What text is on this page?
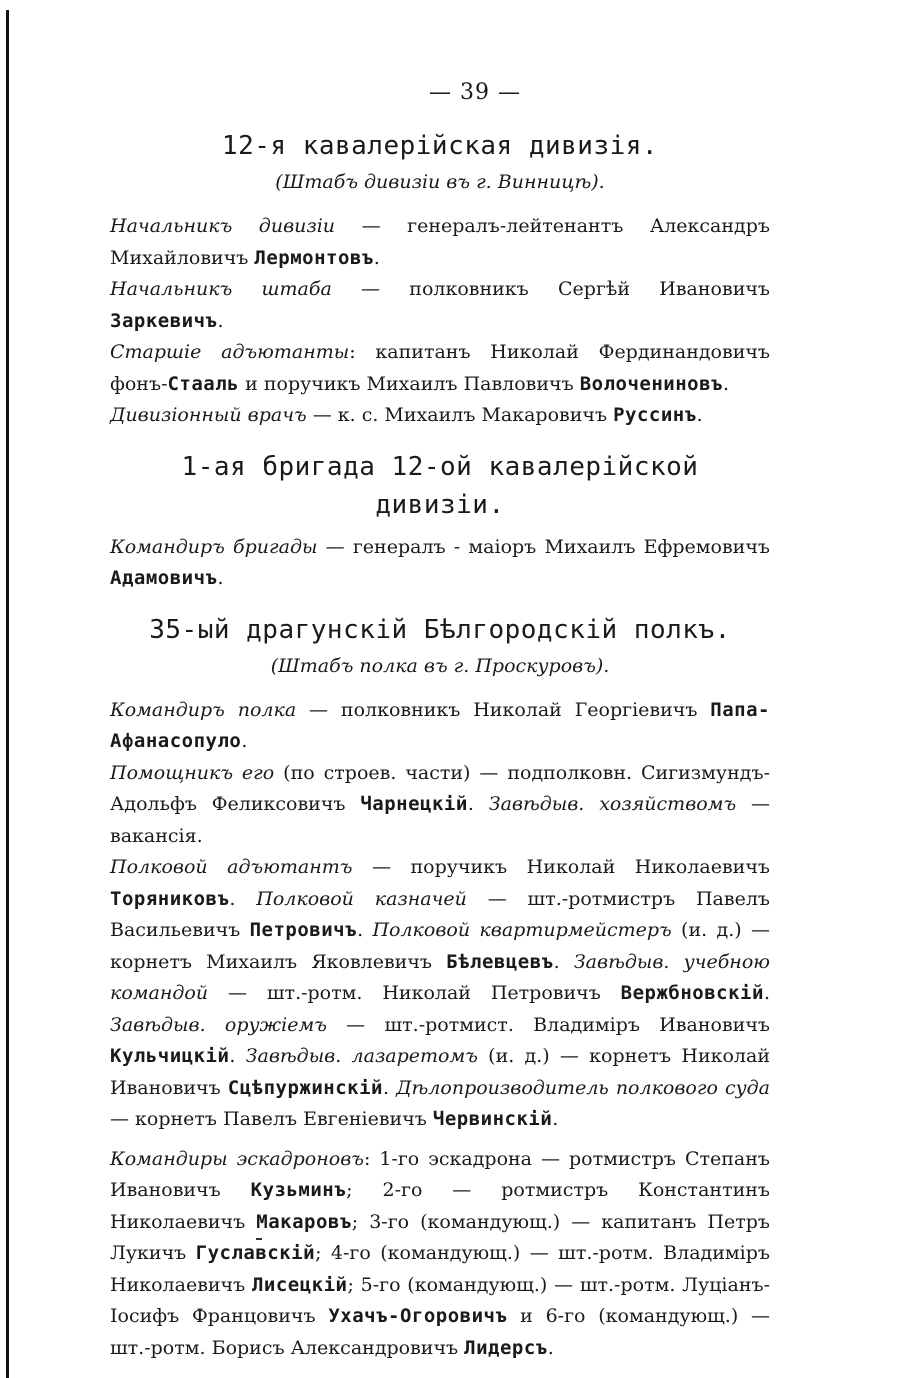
— 39 —
12-я кавалерійская дивизія.
(Штабъ дивизіи въ г. Винницѣ).

Начальникъ дивизіи — генералъ-лейтенантъ Александръ Михайловичъ Лермонтовъ.

Начальникъ штаба — полковникъ Сергѣй Ивановичъ Заркевичъ.

Старшіе адъютанты: капитанъ Николай Фердинандовичъ фонъ-Стааль и поручикъ Михаилъ Павловичъ Волочениновъ.

Дивизіонный врачъ — к. с. Михаилъ Макаровичъ Руссинъ.

1-ая бригада 12-ой кавалерійской дивизіи.

Командиръ бригады — генералъ - маіоръ Михаилъ Ефремовичъ Адамовичъ.

35-ый драгунскій Бѣлгородскій полкъ.
(Штабъ полка въ г. Проскуровъ).

Командиръ полка — полковникъ Николай Георгіевичъ Папа-Афанасопуло.

Помощникъ его (по строев. части) — подполковн. Сигизмундъ-Адольфъ Феликсовичъ Чарнецкій. Завѣдыв. хозяйствомъ — вакансія.

Полковой адъютантъ — поручикъ Николай Николаевичъ Торяниковъ. Полковой казначей — шт.-ротмистръ Павелъ Васильевичъ Петровичъ. Полковой квартирмейстеръ (и. д.) — корнетъ Михаилъ Яковлевичъ Бѣлевцевъ. Завѣдыв. учебною командой — шт.-ротм. Николай Петровичъ Вержбновскій. Завѣдыв. оружіемъ — шт.-ротмист. Владиміръ Ивановичъ Кульчицкій. Завѣдыв. лазаретомъ (и. д.) — корнетъ Николай Ивановичъ Сцѣпуржинскій. Дѣлопроизводитель полкового суда — корнетъ Павелъ Евгеніевичъ Червинскій.

Командиры эскадроновъ: 1-го эскадрона — ротмистръ Степанъ Ивановичъ Кузьминъ; 2-го — ротмистръ Константинъ Николаевичъ Макаровъ; 3-го (командующ.) — капитанъ Петръ Лукичъ Гуславскій; 4-го (командующ.) — шт.-ротм. Владиміръ Николаевичъ Лисецкій; 5-го (командующ.) — шт.-ротм. Луціанъ-Іосифъ Францовичъ Ухачъ-Огоровичъ и 6-го (командующ.) — шт.-ротм. Борисъ Александровичъ Лидерсъ.
